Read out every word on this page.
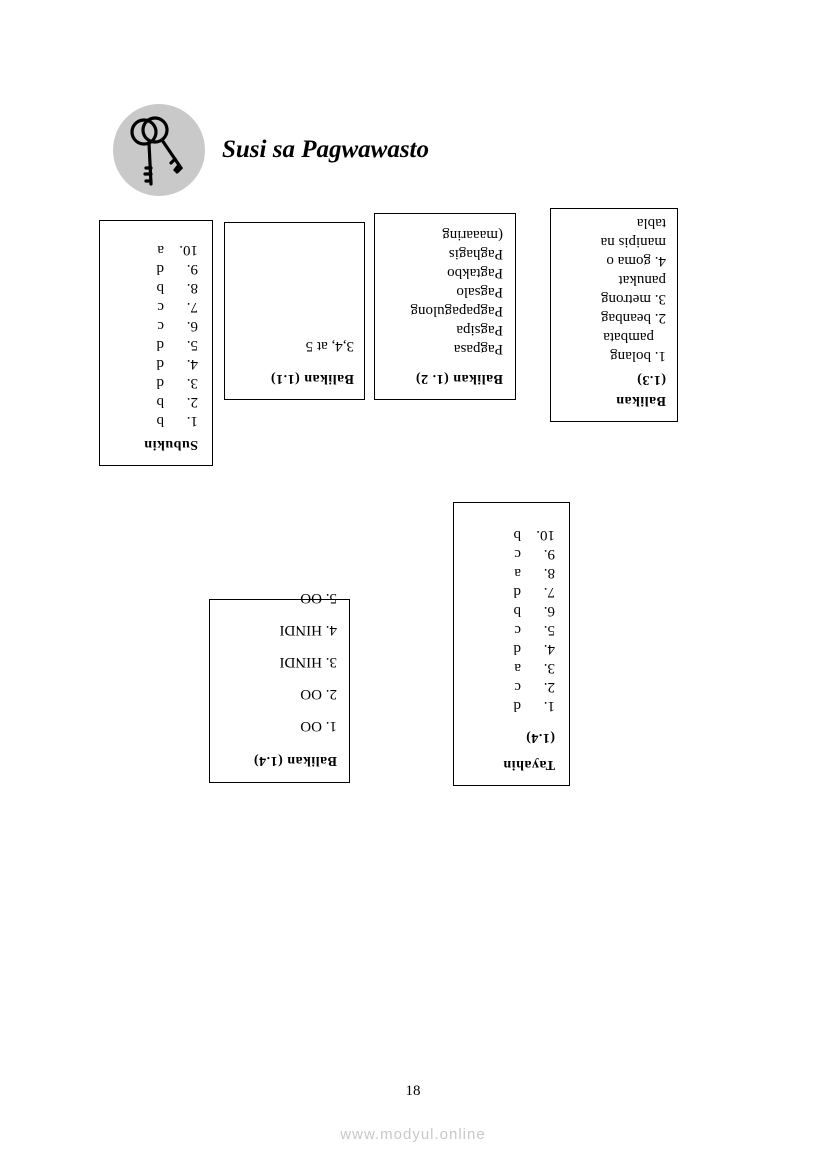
Susi sa Pagwawasto
Subukin
1.
b
2.
b
3.
d
4.
d
5.
d
6.
c
7.
c
8.
b
9.
d
10.
a
Balikan (1.1)
3,4, at 5
Balikan (1. 2)
Pagpasa
Pagsipa
Pagpapagulong
Pagsalo
Pagtakbo
Paghagis
(maaaring
Balikan
(1.3)
1. bolang
pambata
2. beanbag
3. metrong
panukat
4. goma o
manipis na
tabla
Balikan (1.4)
1. OO
2. OO
3. HINDI
4. HINDI
5. OO
Tayahin
(1.4)
1.
d
2.
c
3.
a
4.
d
5.
c
6.
b
7.
d
8.
a
9.
c
10.
b
18
www.modyul.online
